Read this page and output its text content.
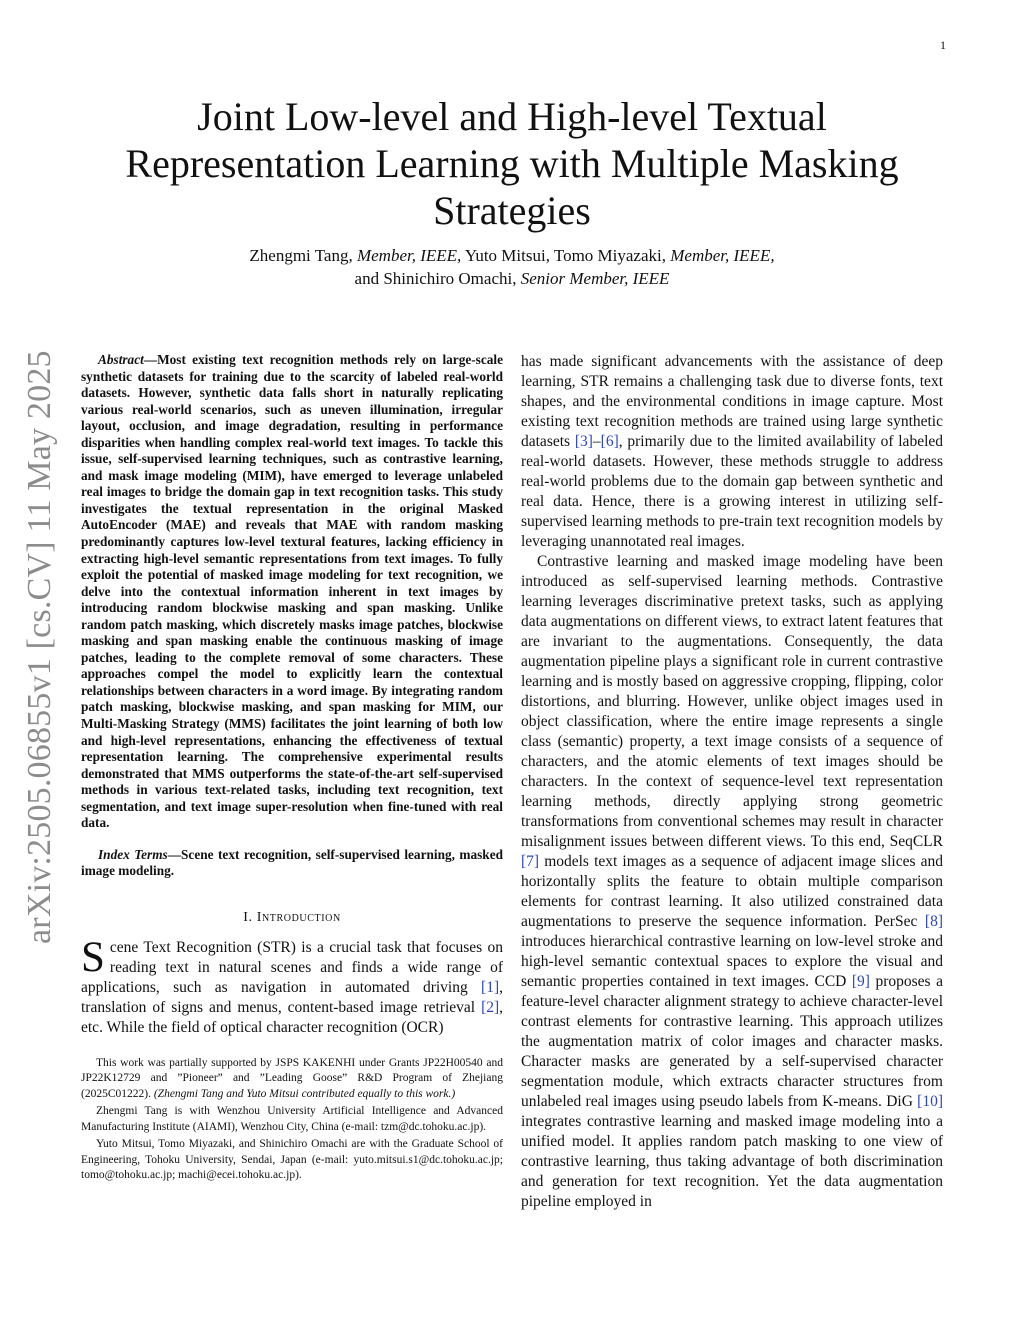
1
arXiv:2505.06855v1 [cs.CV] 11 May 2025
Joint Low-level and High-level Textual Representation Learning with Multiple Masking Strategies
Zhengmi Tang, Member, IEEE, Yuto Mitsui, Tomo Miyazaki, Member, IEEE,
and Shinichiro Omachi, Senior Member, IEEE

Abstract—Most existing text recognition methods rely on large-scale synthetic datasets for training due to the scarcity of labeled real-world datasets. However, synthetic data falls short in naturally replicating various real-world scenarios, such as uneven illumination, irregular layout, occlusion, and image degradation, resulting in performance disparities when handling complex real-world text images. To tackle this issue, self-supervised learning techniques, such as contrastive learning, and mask image modeling (MIM), have emerged to leverage unlabeled real images to bridge the domain gap in text recognition tasks. This study investigates the textual representation in the original Masked AutoEncoder (MAE) and reveals that MAE with random masking predominantly captures low-level textural features, lacking efficiency in extracting high-level semantic representations from text images. To fully exploit the potential of masked image modeling for text recognition, we delve into the contextual information inherent in text images by introducing random blockwise masking and span masking. Unlike random patch masking, which discretely masks image patches, blockwise masking and span masking enable the continuous masking of image patches, leading to the complete removal of some characters. These approaches compel the model to explicitly learn the contextual relationships between characters in a word image. By integrating random patch masking, blockwise masking, and span masking for MIM, our Multi-Masking Strategy (MMS) facilitates the joint learning of both low and high-level representations, enhancing the effectiveness of textual representation learning. The comprehensive experimental results demonstrated that MMS outperforms the state-of-the-art self-supervised methods in various text-related tasks, including text recognition, text segmentation, and text image super-resolution when fine-tuned with real data.

Index Terms—Scene text recognition, self-supervised learning, masked image modeling.

I. Introduction

Scene Text Recognition (STR) is a crucial task that focuses on reading text in natural scenes and finds a wide range of applications, such as navigation in automated driving [1], translation of signs and menus, content-based image retrieval [2], etc. While the field of optical character recognition (OCR)

This work was partially supported by JSPS KAKENHI under Grants JP22H00540 and JP22K12729 and ”Pioneer” and ”Leading Goose” R&D Program of Zhejiang (2025C01222). (Zhengmi Tang and Yuto Mitsui contributed equally to this work.)

Zhengmi Tang is with Wenzhou University Artificial Intelligence and Advanced Manufacturing Institute (AIAMI), Wenzhou City, China (e-mail: tzm@dc.tohoku.ac.jp).

Yuto Mitsui, Tomo Miyazaki, and Shinichiro Omachi are with the Graduate School of Engineering, Tohoku University, Sendai, Japan (e-mail: yuto.mitsui.s1@dc.tohoku.ac.jp; tomo@tohoku.ac.jp; machi@ecei.tohoku.ac.jp).

has made significant advancements with the assistance of deep learning, STR remains a challenging task due to diverse fonts, text shapes, and the environmental conditions in image capture. Most existing text recognition methods are trained using large synthetic datasets [3]–[6], primarily due to the limited availability of labeled real-world datasets. However, these methods struggle to address real-world problems due to the domain gap between synthetic and real data. Hence, there is a growing interest in utilizing self-supervised learning methods to pre-train text recognition models by leveraging unannotated real images.

Contrastive learning and masked image modeling have been introduced as self-supervised learning methods. Contrastive learning leverages discriminative pretext tasks, such as applying data augmentations on different views, to extract latent features that are invariant to the augmentations. Consequently, the data augmentation pipeline plays a significant role in current contrastive learning and is mostly based on aggressive cropping, flipping, color distortions, and blurring. However, unlike object images used in object classification, where the entire image represents a single class (semantic) property, a text image consists of a sequence of characters, and the atomic elements of text images should be characters. In the context of sequence-level text representation learning methods, directly applying strong geometric transformations from conventional schemes may result in character misalignment issues between different views. To this end, SeqCLR [7] models text images as a sequence of adjacent image slices and horizontally splits the feature to obtain multiple comparison elements for contrast learning. It also utilized constrained data augmentations to preserve the sequence information. PerSec [8] introduces hierarchical contrastive learning on low-level stroke and high-level semantic contextual spaces to explore the visual and semantic properties contained in text images. CCD [9] proposes a feature-level character alignment strategy to achieve character-level contrast elements for contrastive learning. This approach utilizes the augmentation matrix of color images and character masks. Character masks are generated by a self-supervised character segmentation module, which extracts character structures from unlabeled real images using pseudo labels from K-means. DiG [10] integrates contrastive learning and masked image modeling into a unified model. It applies random patch masking to one view of contrastive learning, thus taking advantage of both discrimination and generation for text recognition. Yet the data augmentation pipeline employed in
